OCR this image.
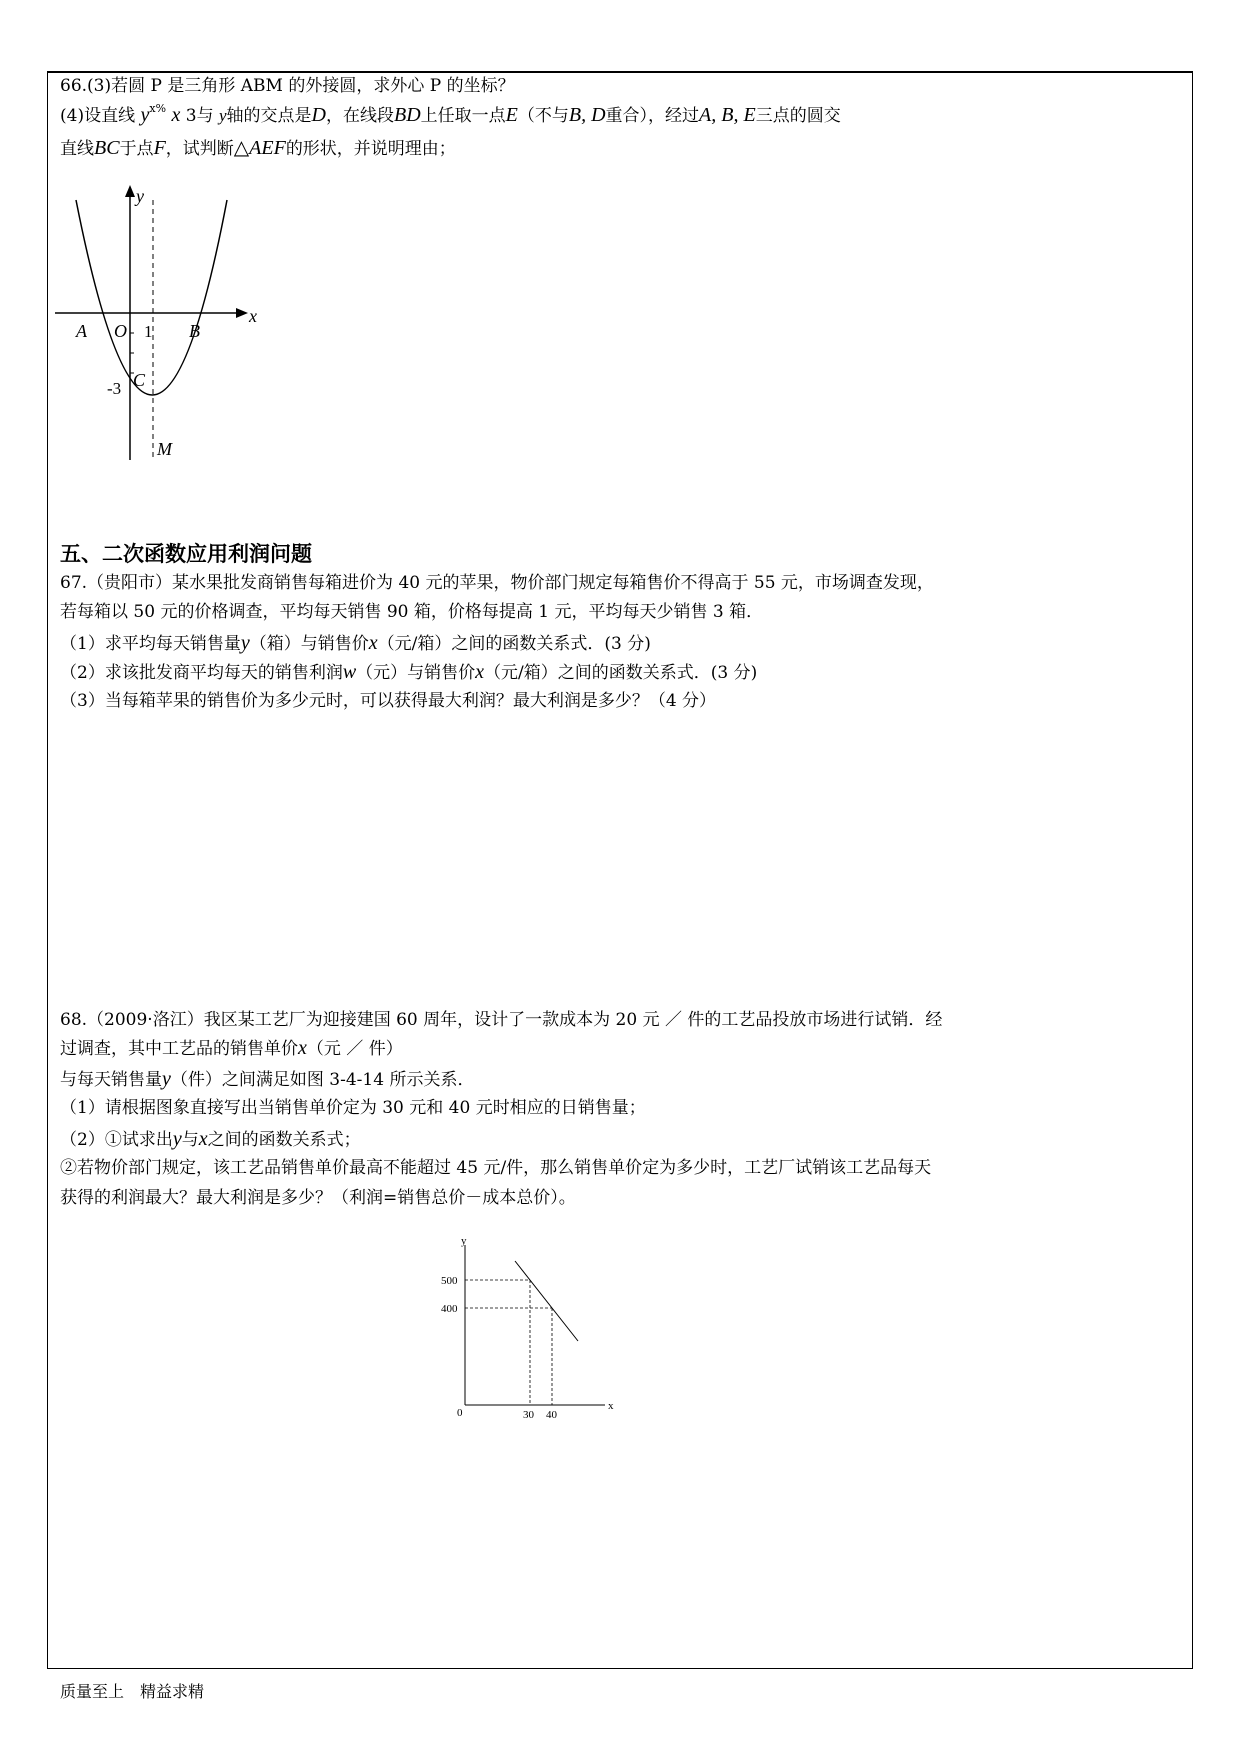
66.(3)若圆 P 是三角形 ABM 的外接圆，求外心 P 的坐标？
(4)设直线 $y^{x\%}$ x 3与 y轴的交点是D，在线段BD上任取一点E（不与B, D重合），经过A, B, E三点的圆交
直线BC于点F，试判断△AEF的形状，并说明理由；
y
x
A O 1 B
-3 C
M
五、二次函数应用利润问题
67.（贵阳市）某水果批发商销售每箱进价为 40 元的苹果，物价部门规定每箱售价不得高于 55 元，市场调查发现，
若每箱以 50 元的价格调查，平均每天销售 90 箱，价格每提高 1 元，平均每天少销售 3 箱．
（1）求平均每天销售量y（箱）与销售价x（元/箱）之间的函数关系式．(3 分)
（2）求该批发商平均每天的销售利润w（元）与销售价x（元/箱）之间的函数关系式．(3 分)
（3）当每箱苹果的销售价为多少元时，可以获得最大利润？最大利润是多少？（4 分）
68.（2009·洛江）我区某工艺厂为迎接建国 60 周年，设计了一款成本为 20 元 ／ 件的工艺品投放市场进行试销．经
过调查，其中工艺品的销售单价x（元 ／ 件）
与每天销售量y（件）之间满足如图 3-4-14 所示关系．
（1）请根据图象直接写出当销售单价定为 30 元和 40 元时相应的日销售量；
（2）①试求出y与x之间的函数关系式；
②若物价部门规定，该工艺品销售单价最高不能超过 45 元/件，那么销售单价定为多少时，工艺厂试销该工艺品每天
获得的利润最大？最大利润是多少？（利润=销售总价－成本总价）。
y
x
500
400
0	30 40
质量至上　精益求精
